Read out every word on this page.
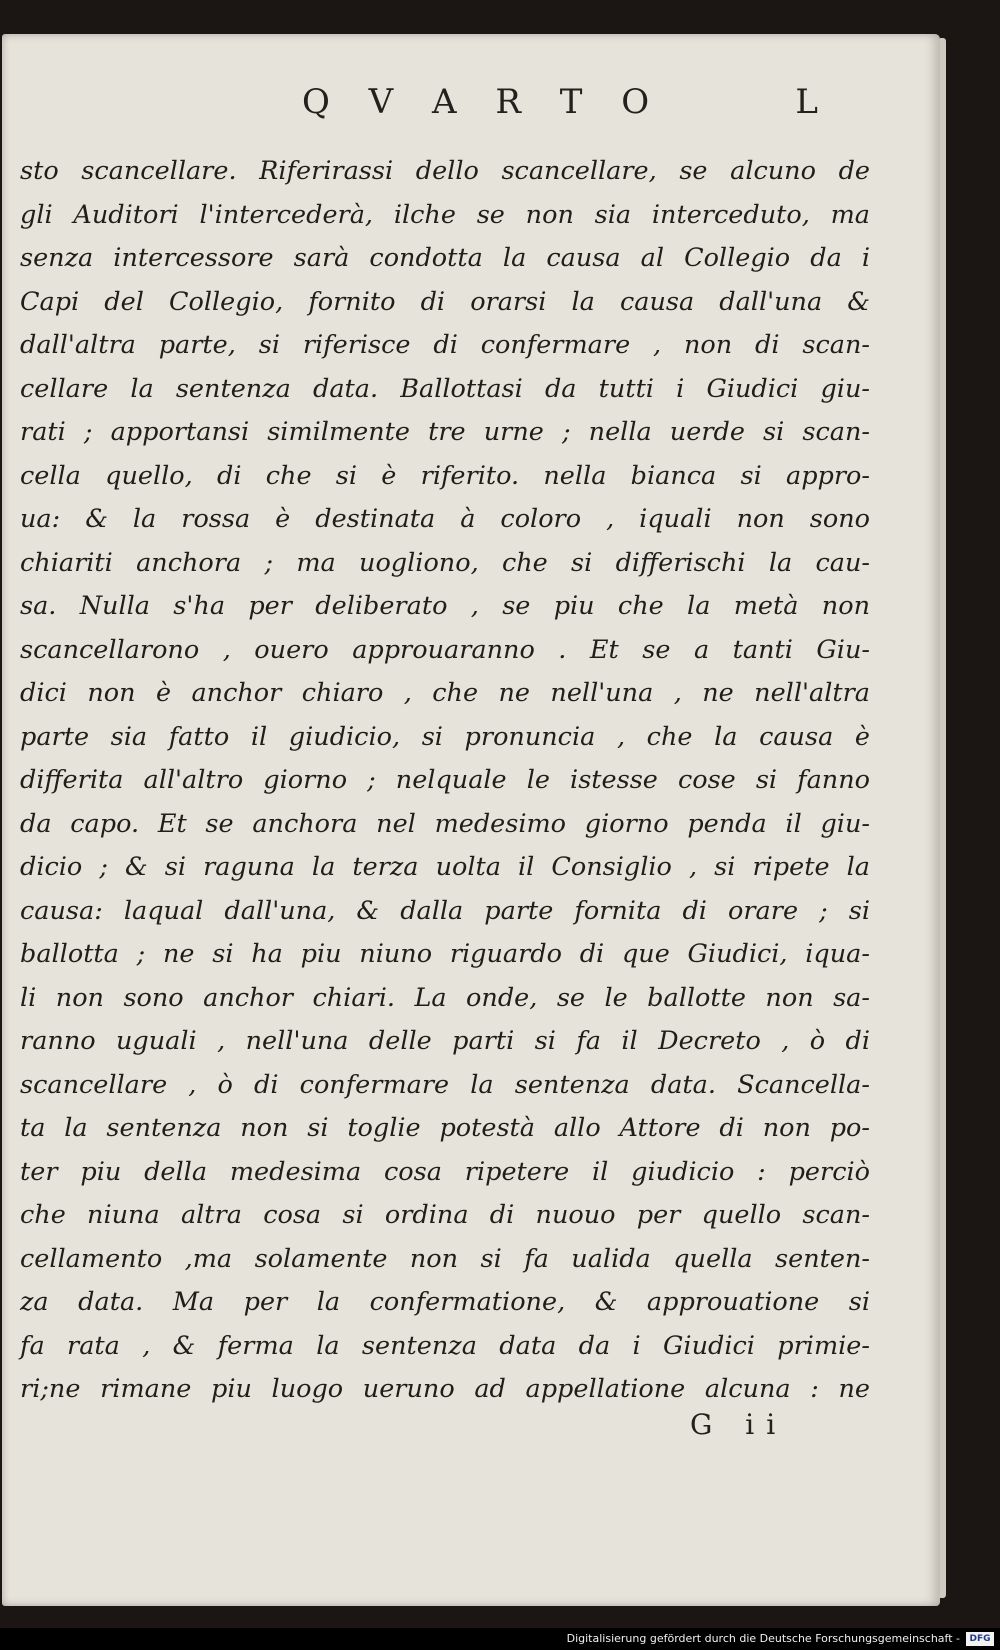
Q V A R T O	L
sto scancellare. Riferirassi dello scancellare, se alcuno de
gli Auditori l'intercederà, ilche se non sia interceduto, ma
senza intercessore sarà condotta la causa al Collegio da i
Capi del Collegio, fornito di orarsi la causa dall'una &
dall'altra parte, si riferisce di confermare , non di scan-
cellare la sentenza data. Ballottasi da tutti i Giudici giu-
rati ; apportansi similmente tre urne ; nella uerde si scan-
cella quello, di che si è riferito. nella bianca si appro-
ua: & la rossa è destinata à coloro , iquali non sono
chiariti anchora ; ma uogliono, che si differischi la cau-
sa. Nulla s'ha per deliberato , se piu che la metà non
scancellarono , ouero approuaranno . Et se a tanti Giu-
dici non è anchor chiaro , che ne nell'una , ne nell'altra
parte sia fatto il giudicio, si pronuncia , che la causa è
differita all'altro giorno ; nelquale le istesse cose si fanno
da capo. Et se anchora nel medesimo giorno penda il giu-
dicio ; & si raguna la terza uolta il Consiglio , si ripete la
causa: laqual dall'una, & dalla parte fornita di orare ; si
ballotta ; ne si ha piu niuno riguardo di que Giudici, iqua-
li non sono anchor chiari. La onde, se le ballotte non sa-
ranno uguali , nell'una delle parti si fa il Decreto , ò di
scancellare , ò di confermare la sentenza data. Scancella-
ta la sentenza non si toglie potestà allo Attore di non po-
ter piu della medesima cosa ripetere il giudicio : perciò
che niuna altra cosa si ordina di nuouo per quello scan-
cellamento ,ma solamente non si fa ualida quella senten-
za data. Ma per la confermatione, & approuatione si
fa rata , & ferma la sentenza data da i Giudici primie-
ri;ne rimane piu luogo ueruno ad appellatione alcuna : ne
G ii
Digitalisierung gefördert durch die Deutsche Forschungsgemeinschaft -	DFG
